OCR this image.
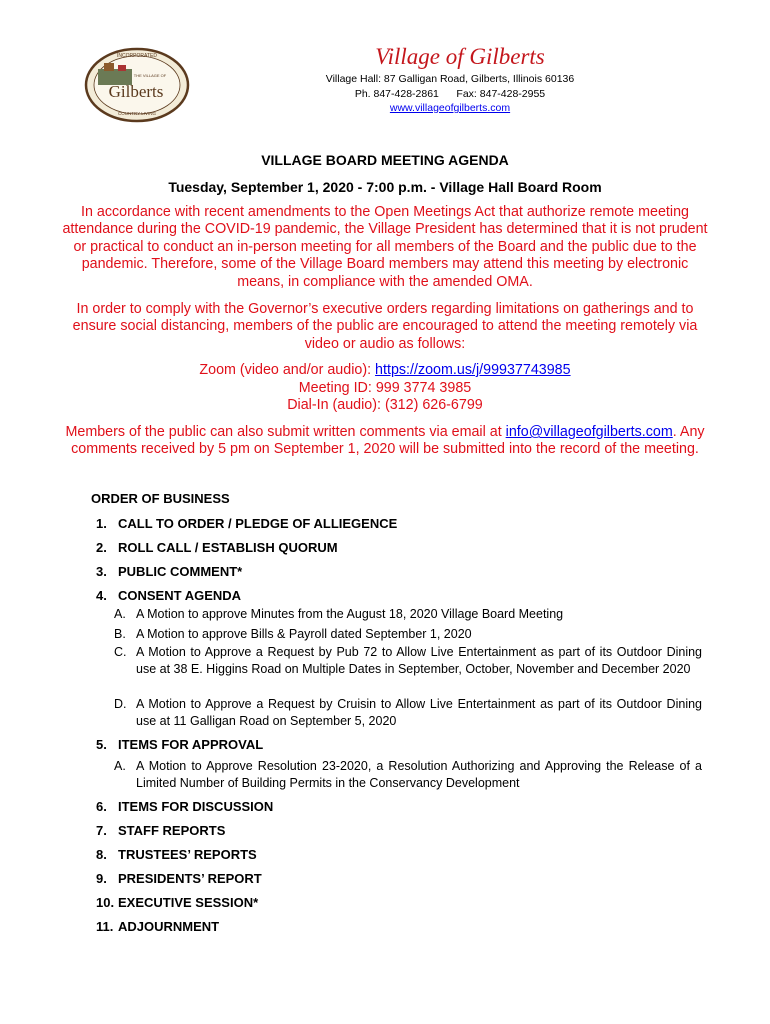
INCORPORATED
THE VILLAGE OF
Gilberts
COUNTRY LIVING
Village of Gilberts
Village Hall: 87 Galligan Road, Gilberts, Illinois 60136
Ph. 847-428-2861 Fax: 847-428-2955
www.villageofgilberts.com
VILLAGE BOARD MEETING AGENDA
Tuesday, September 1, 2020 - 7:00 p.m. - Village Hall Board Room
In accordance with recent amendments to the Open Meetings Act that authorize remote meeting attendance during the COVID-19 pandemic, the Village President has determined that it is not prudent or practical to conduct an in-person meeting for all members of the Board and the public due to the pandemic. Therefore, some of the Village Board members may attend this meeting by electronic means, in compliance with the amended OMA.
In order to comply with the Governor’s executive orders regarding limitations on gatherings and to ensure social distancing, members of the public are encouraged to attend the meeting remotely via video or audio as follows:
Zoom (video and/or audio): https://zoom.us/j/99937743985
Meeting ID: 999 3774 3985
Dial-In (audio): (312) 626-6799
Members of the public can also submit written comments via email at info@villageofgilberts.com. Any comments received by 5 pm on September 1, 2020 will be submitted into the record of the meeting.
ORDER OF BUSINESS
1. CALL TO ORDER / PLEDGE OF ALLIEGENCE
2. ROLL CALL / ESTABLISH QUORUM
3. PUBLIC COMMENT*
4. CONSENT AGENDA
A. A Motion to approve Minutes from the August 18, 2020 Village Board Meeting
B. A Motion to approve Bills & Payroll dated September 1, 2020
C. A Motion to Approve a Request by Pub 72 to Allow Live Entertainment as part of its Outdoor Dining use at 38 E. Higgins Road on Multiple Dates in September, October, November and December 2020
D. A Motion to Approve a Request by Cruisin to Allow Live Entertainment as part of its Outdoor Dining use at 11 Galligan Road on September 5, 2020
5. ITEMS FOR APPROVAL
A. A Motion to Approve Resolution 23-2020, a Resolution Authorizing and Approving the Release of a Limited Number of Building Permits in the Conservancy Development
6. ITEMS FOR DISCUSSION
7. STAFF REPORTS
8. TRUSTEES’ REPORTS
9. PRESIDENTS’ REPORT
10. EXECUTIVE SESSION*
11. ADJOURNMENT
